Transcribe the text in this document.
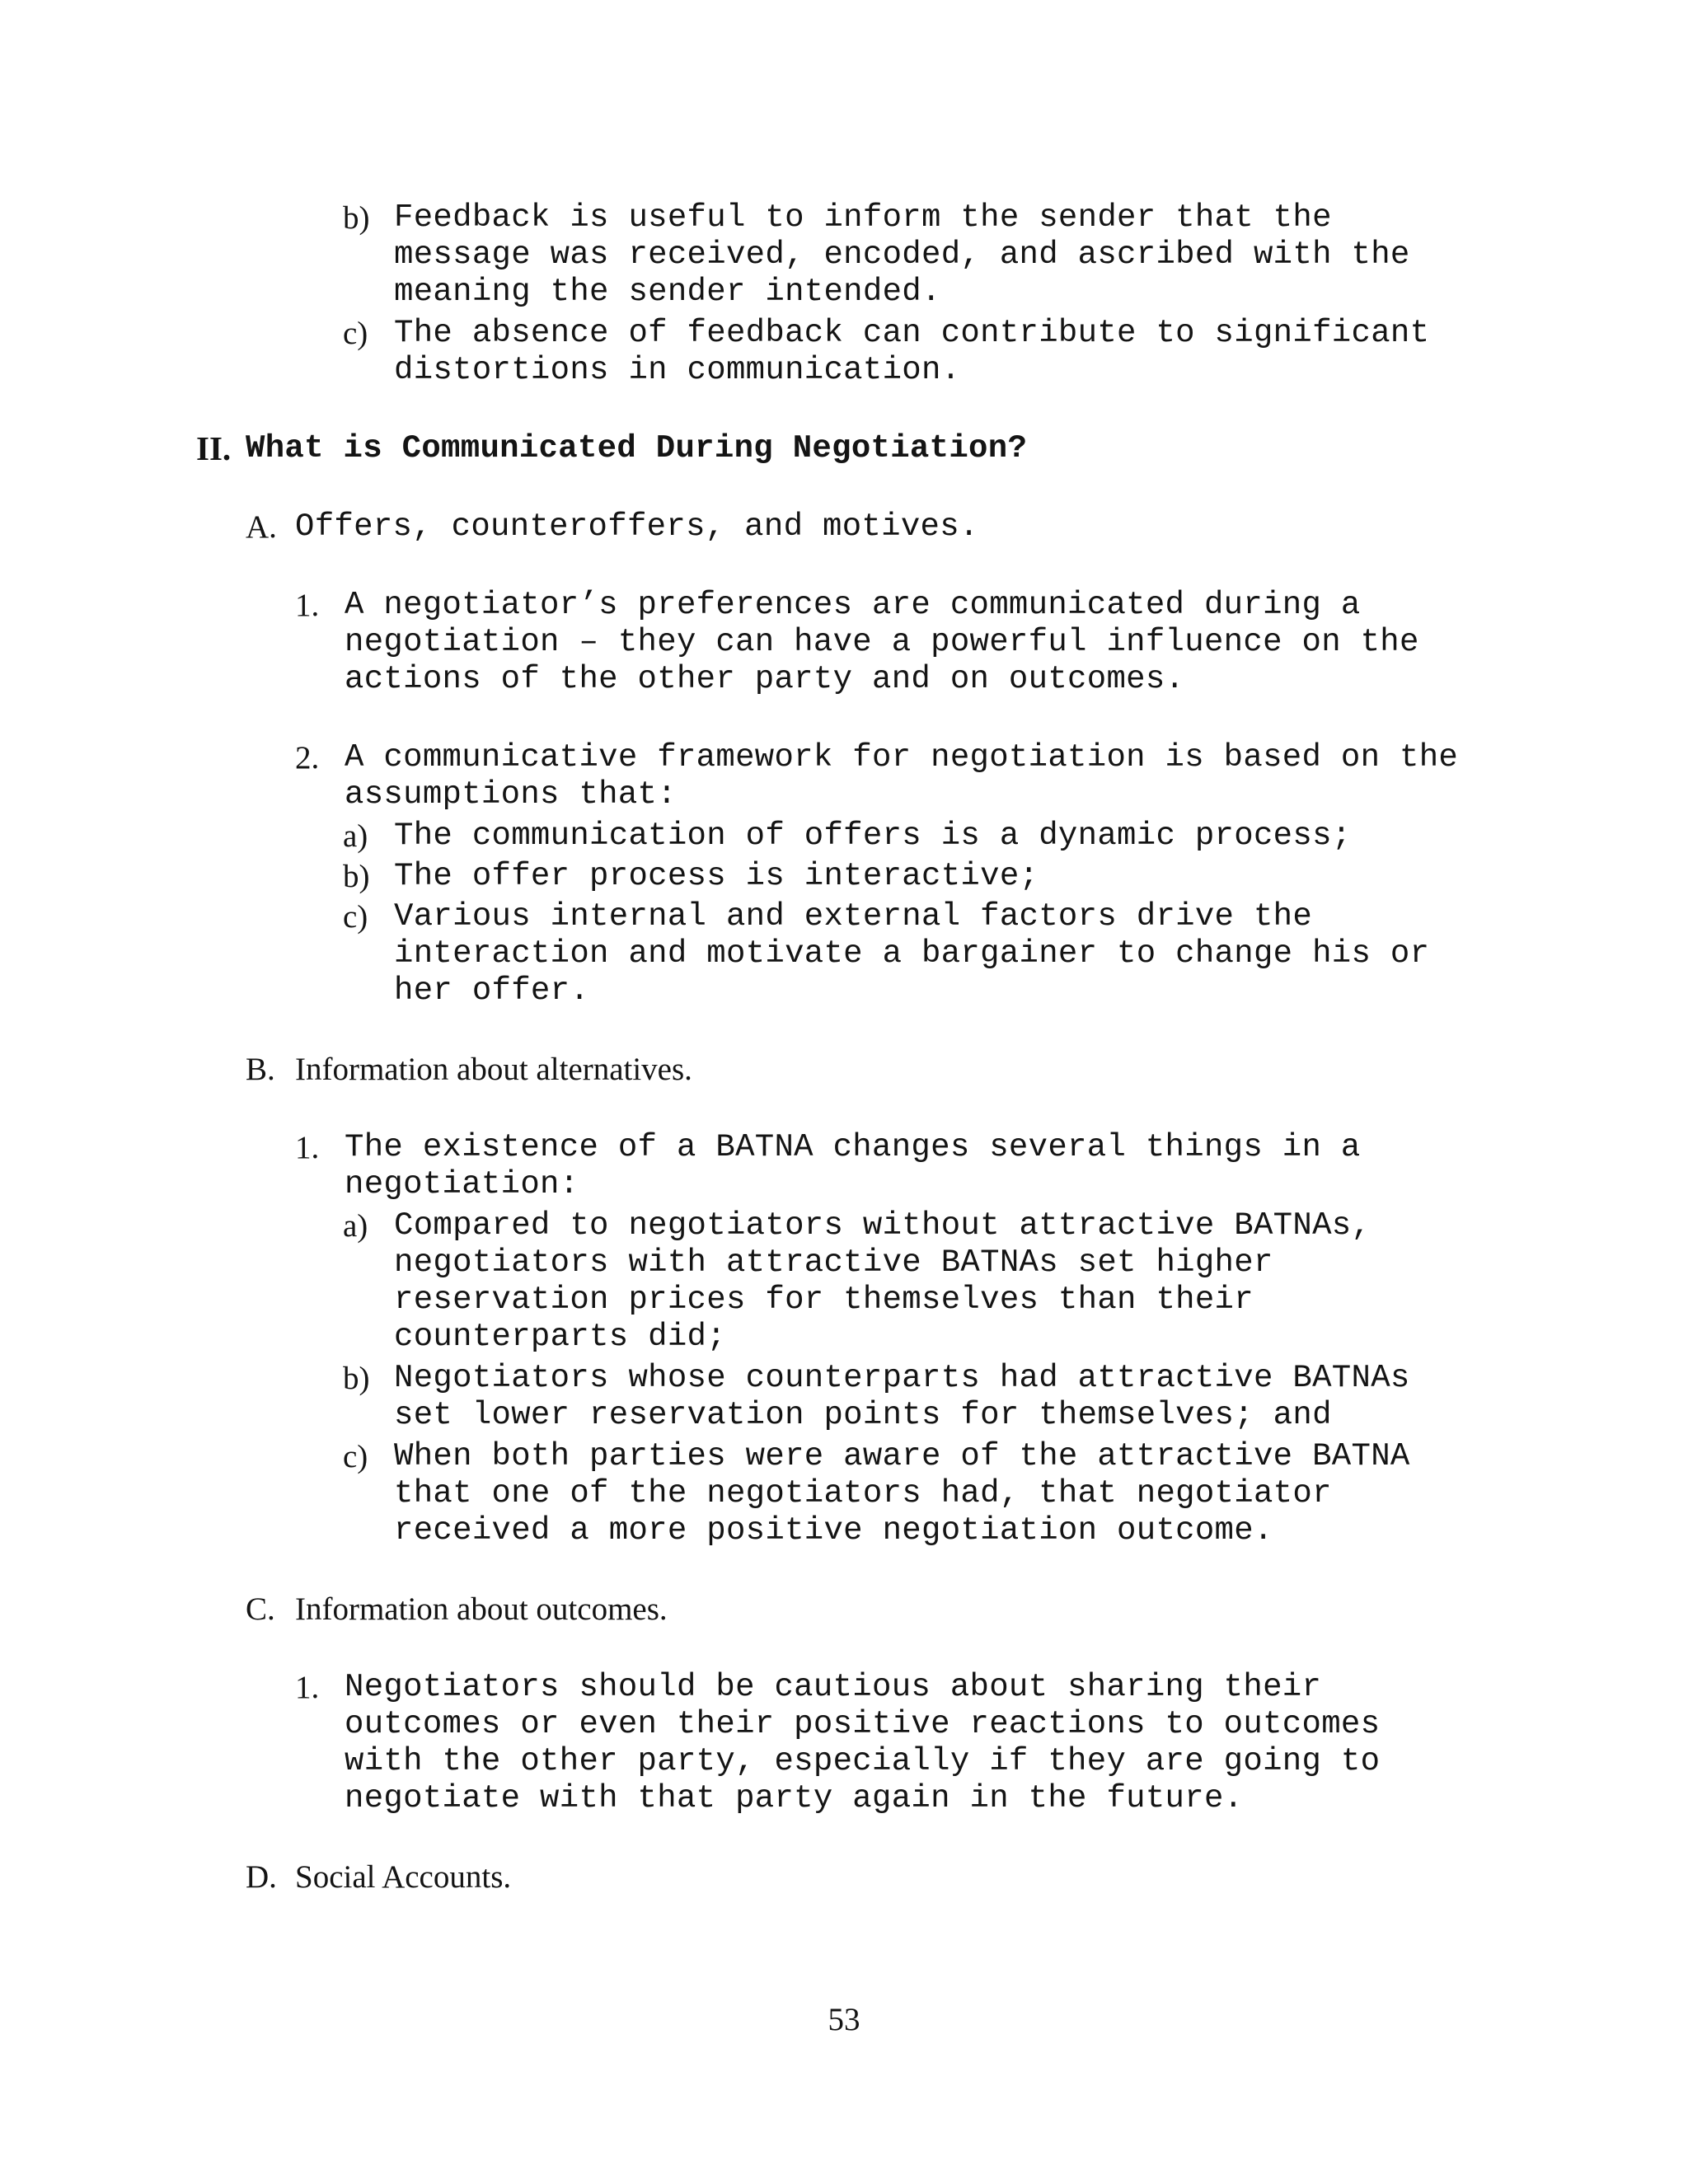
b) Feedback is useful to inform the sender that the
message was received, encoded, and ascribed with the
meaning the sender intended.
c) The absence of feedback can contribute to significant
distortions in communication.
II. What is Communicated During Negotiation?
A. Offers, counteroffers, and motives.
1. A negotiator’s preferences are communicated during a
negotiation – they can have a powerful influence on the
actions of the other party and on outcomes.
2. A communicative framework for negotiation is based on the
assumptions that:
a) The communication of offers is a dynamic process;
b) The offer process is interactive;
c) Various internal and external factors drive the
interaction and motivate a bargainer to change his or
her offer.
B. Information about alternatives.
1. The existence of a BATNA changes several things in a
negotiation:
a) Compared to negotiators without attractive BATNAs,
negotiators with attractive BATNAs set higher
reservation prices for themselves than their
counterparts did;
b) Negotiators whose counterparts had attractive BATNAs
set lower reservation points for themselves; and
c) When both parties were aware of the attractive BATNA
that one of the negotiators had, that negotiator
received a more positive negotiation outcome.
C. Information about outcomes.
1. Negotiators should be cautious about sharing their
outcomes or even their positive reactions to outcomes
with the other party, especially if they are going to
negotiate with that party again in the future.
D. Social Accounts.
53
